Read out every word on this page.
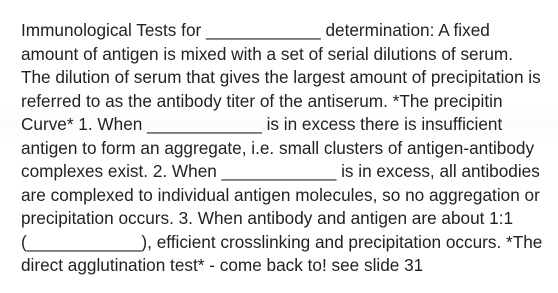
Immunological Tests for ____________ determination: A fixed amount of antigen is mixed with a set of serial dilutions of serum. The dilution of serum that gives the largest amount of precipitation is referred to as the antibody titer of the antiserum. *The precipitin Curve* 1. When ____________ is in excess there is insufficient antigen to form an aggregate, i.e. small clusters of antigen-antibody complexes exist. 2. When ____________ is in excess, all antibodies are complexed to individual antigen molecules, so no aggregation or precipitation occurs. 3. When antibody and antigen are about 1:1 (____________), efficient crosslinking and precipitation occurs. *The direct agglutination test* - come back to! see slide 31
